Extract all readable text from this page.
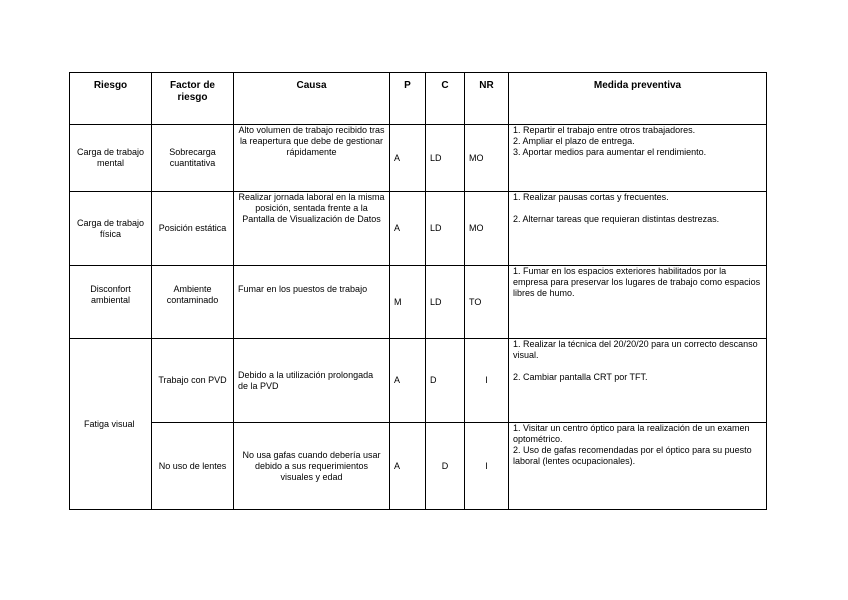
Riesgo	Factor de riesgo	Causa	P	C	NR	Medida preventiva
Carga de trabajo mental	Sobrecarga cuantitativa	Alto volumen de trabajo recibido tras la reapertura que debe de gestionar rápidamente	A	LD	MO	1. Repartir el trabajo entre otros trabajadores.
2. Ampliar el plazo de entrega.
3. Aportar medios para aumentar el rendimiento.

Carga de trabajo física	Posición estática	Realizar jornada laboral en la misma posición, sentada frente a la Pantalla de Visualización de Datos	A	LD	MO	1. Realizar pausas cortas y frecuentes.
2. Alternar tareas que requieran distintas destrezas.

Disconfort ambiental	Ambiente contaminado	Fumar en los puestos de trabajo	M	LD	TO	1. Fumar en los espacios exteriores habilitados por la empresa para preservar los lugares de trabajo como espacios libres de humo.

Fatiga visual	Trabajo con PVD	Debido a la utilización prolongada de la PVD	A	D	I	1. Realizar la técnica del 20/20/20 para un correcto descanso visual.
2. Cambiar pantalla CRT por TFT.

	No uso de lentes	No usa gafas cuando debería usar debido a sus requerimientos visuales y edad	A	D	I	1. Visitar un centro óptico para la realización de un examen optométrico.
2. Uso de gafas recomendadas por el óptico para su puesto laboral (lentes ocupacionales).
